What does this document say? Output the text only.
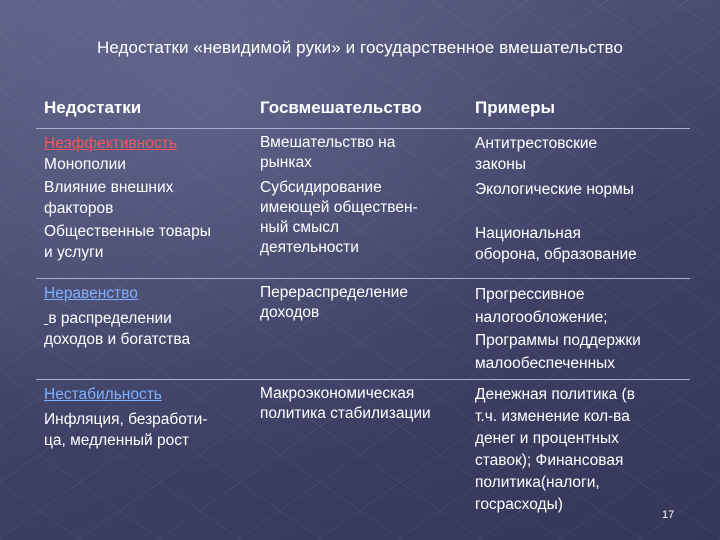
Недостатки «невидимой руки» и государственное вмешательство
Недостатки	Госвмешательство	Примеры
Неэффективность
Монополии
Влияние внешних
факторов
Общественные товары
и услуги
Вмешательство на
рынках
Субсидирование
имеющей обществен-
ный смысл
деятельности
Антитрестовские
законы
Экологические нормы
Национальная
оборона, образование
Неравенство
в распределении
доходов и богатства
Перераспределение
доходов
Прогрессивное
налогообложение;
Программы поддержки
малообеспеченных
Нестабильность
Инфляция, безработи-
ца, медленный рост
Макроэкономическая
политика стабилизации
Денежная политика (в
т.ч. изменение кол-ва
денег и процентных
ставок); Финансовая
политика(налоги,
госрасходы)
17
